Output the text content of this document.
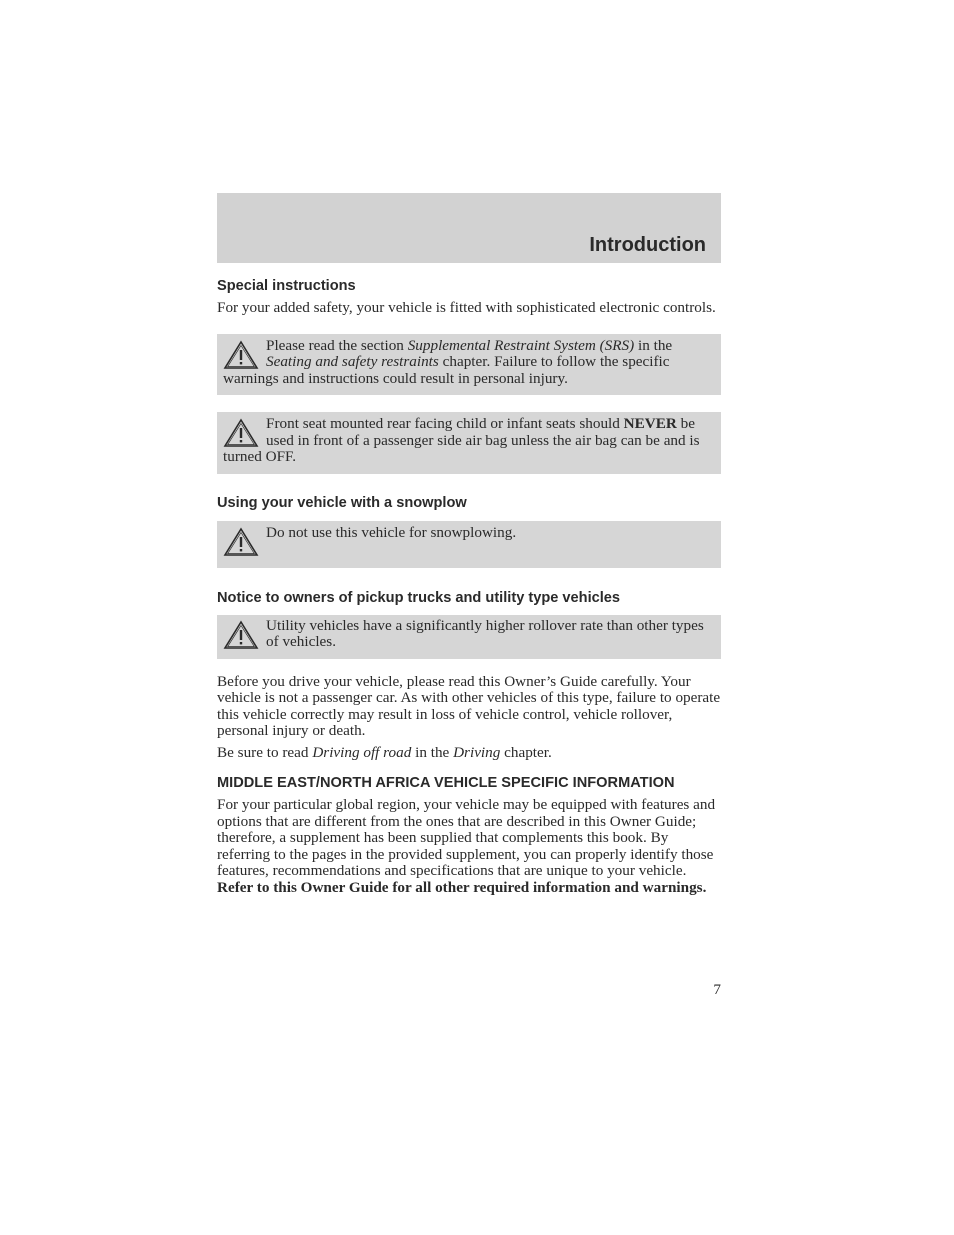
Introduction
Special instructions

For your added safety, your vehicle is fitted with sophisticated electronic controls.

Please read the section Supplemental Restraint System (SRS) in the Seating and safety restraints chapter. Failure to follow the specific warnings and instructions could result in personal injury.
Front seat mounted rear facing child or infant seats should NEVER be used in front of a passenger side air bag unless the air bag can be and is turned OFF.
Using your vehicle with a snowplow
Do not use this vehicle for snowplowing.
Notice to owners of pickup trucks and utility type vehicles
Utility vehicles have a significantly higher rollover rate than other types of vehicles.

Before you drive your vehicle, please read this Owner’s Guide carefully. Your vehicle is not a passenger car. As with other vehicles of this type, failure to operate this vehicle correctly may result in loss of vehicle control, vehicle rollover, personal injury or death.

Be sure to read Driving off road in the Driving chapter.

MIDDLE EAST/NORTH AFRICA VEHICLE SPECIFIC INFORMATION

For your particular global region, your vehicle may be equipped with features and options that are different from the ones that are described in this Owner Guide; therefore, a supplement has been supplied that complements this book. By referring to the pages in the provided supplement, you can properly identify those features, recommendations and specifications that are unique to your vehicle. Refer to this Owner Guide for all other required information and warnings.

7
